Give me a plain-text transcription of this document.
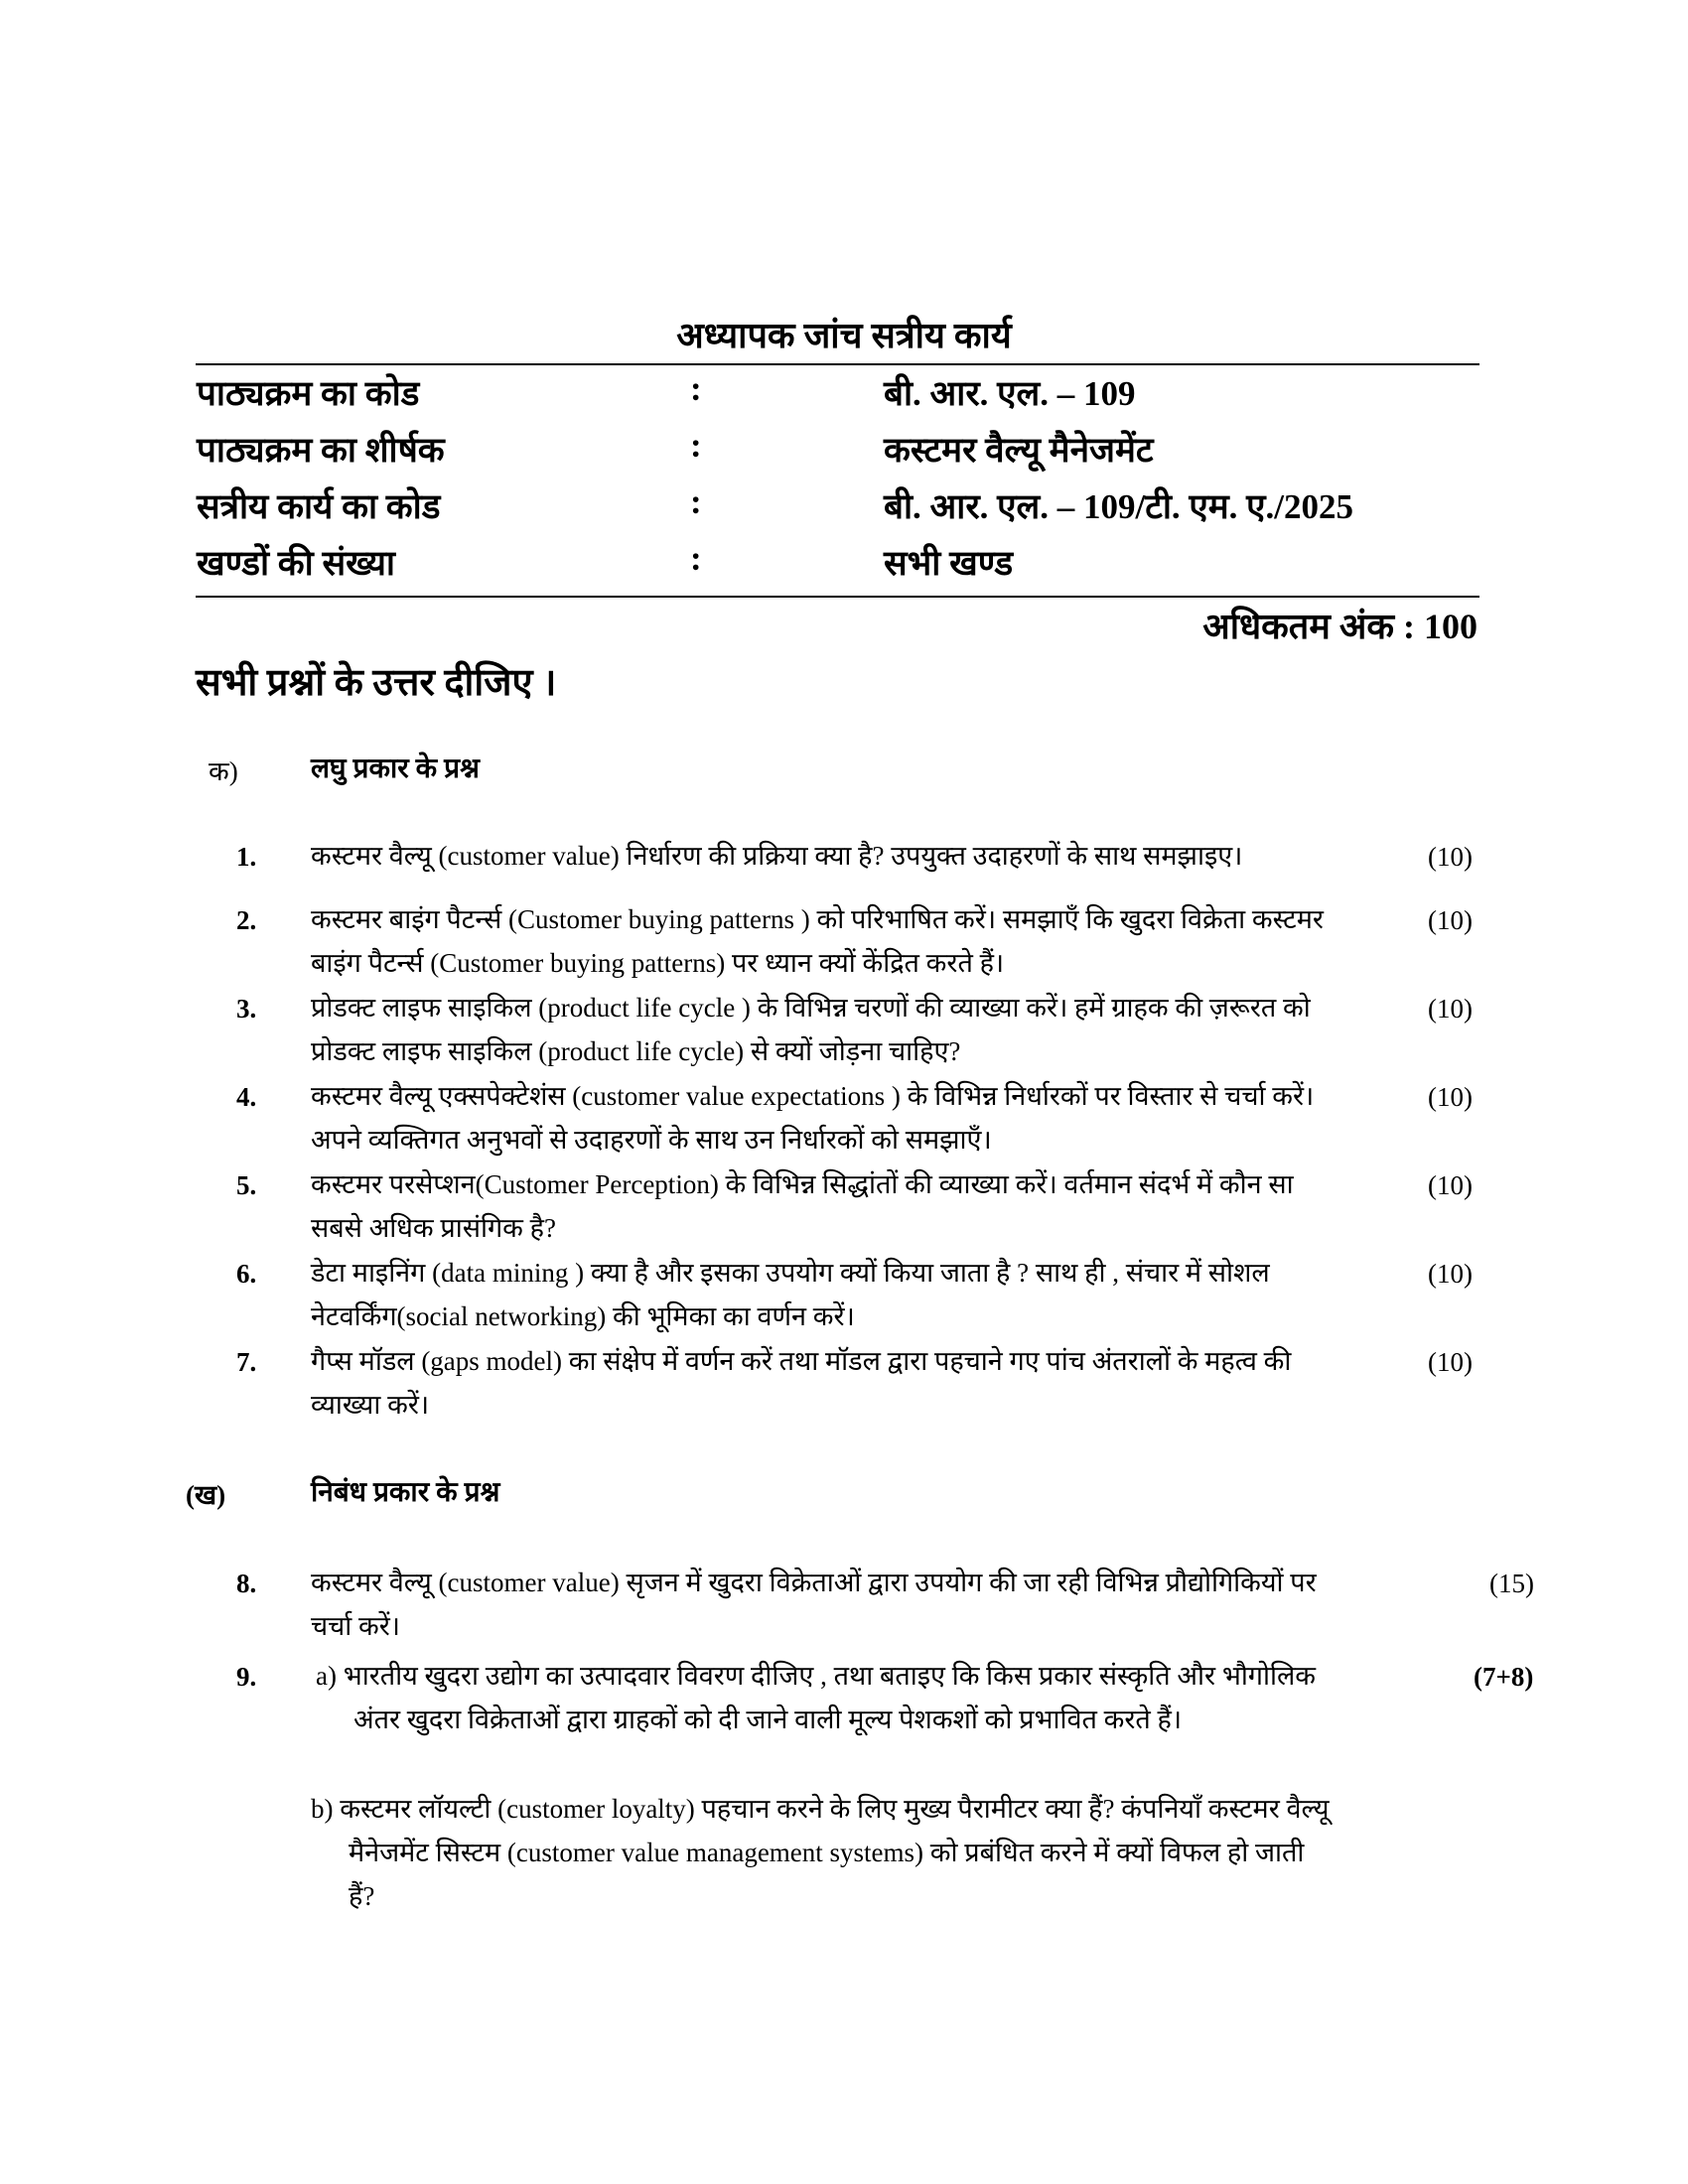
अध्यापक जांच सत्रीय कार्य
पाठ्यक्रम का कोड	:	बी. आर. एल. – 109
पाठ्यक्रम का शीर्षक	:	कस्टमर वैल्यू मैनेजमेंट
सत्रीय कार्य का कोड	:	बी. आर. एल. – 109/टी. एम. ए./2025
खण्डों की संख्या	:	सभी खण्ड
अधिकतम अंक : 100
सभी प्रश्नों के उत्तर दीजिए ।
क)	लघु प्रकार के प्रश्न
1.	कस्टमर वैल्यू (customer value) निर्धारण की प्रक्रिया क्या है? उपयुक्त उदाहरणों के साथ समझाइए।	(10)
2.	कस्टमर बाइंग पैटर्न्स (Customer buying patterns ) को परिभाषित करें। समझाएँ कि खुदरा विक्रेता कस्टमर
बाइंग पैटर्न्स (Customer buying patterns) पर ध्यान क्यों केंद्रित करते हैं।
(10)
3.	प्रोडक्ट लाइफ साइकिल (product life cycle ) के विभिन्न चरणों की व्याख्या करें। हमें ग्राहक की ज़रूरत को
प्रोडक्ट लाइफ साइकिल (product life cycle) से क्यों जोड़ना चाहिए?
(10)
4.	कस्टमर वैल्यू एक्सपेक्टेशंस (customer value expectations ) के विभिन्न निर्धारकों पर विस्तार से चर्चा करें।
अपने व्यक्तिगत अनुभवों से उदाहरणों के साथ उन निर्धारकों को समझाएँ।
(10)
5.	कस्टमर परसेप्शन(Customer Perception) के विभिन्न सिद्धांतों की व्याख्या करें। वर्तमान संदर्भ में कौन सा
सबसे अधिक प्रासंगिक है?
(10)
6.	डेटा माइनिंग (data mining ) क्या है और इसका उपयोग क्यों किया जाता है ? साथ ही , संचार में सोशल
नेटवर्किंग(social networking) की भूमिका का वर्णन करें।
(10)
7.	गैप्स मॉडल (gaps model) का संक्षेप में वर्णन करें तथा मॉडल द्वारा पहचाने गए पांच अंतरालों के महत्व की
व्याख्या करें।
(10)
(ख)	निबंध प्रकार के प्रश्न
8.	कस्टमर वैल्यू (customer value) सृजन में खुदरा विक्रेताओं द्वारा उपयोग की जा रही विभिन्न प्रौद्योगिकियों पर
चर्चा करें।
(15)
9.	a) भारतीय खुदरा उद्योग का उत्पादवार विवरण दीजिए , तथा बताइए कि किस प्रकार संस्कृति और भौगोलिक
अंतर खुदरा विक्रेताओं द्वारा ग्राहकों को दी जाने वाली मूल्य पेशकशों को प्रभावित करते हैं।
(7+8)
b) कस्टमर लॉयल्टी (customer loyalty) पहचान करने के लिए मुख्य पैरामीटर क्या हैं? कंपनियाँ कस्टमर वैल्यू
मैनेजमेंट सिस्टम (customer value management systems) को प्रबंधित करने में क्यों विफल हो जाती
हैं?
